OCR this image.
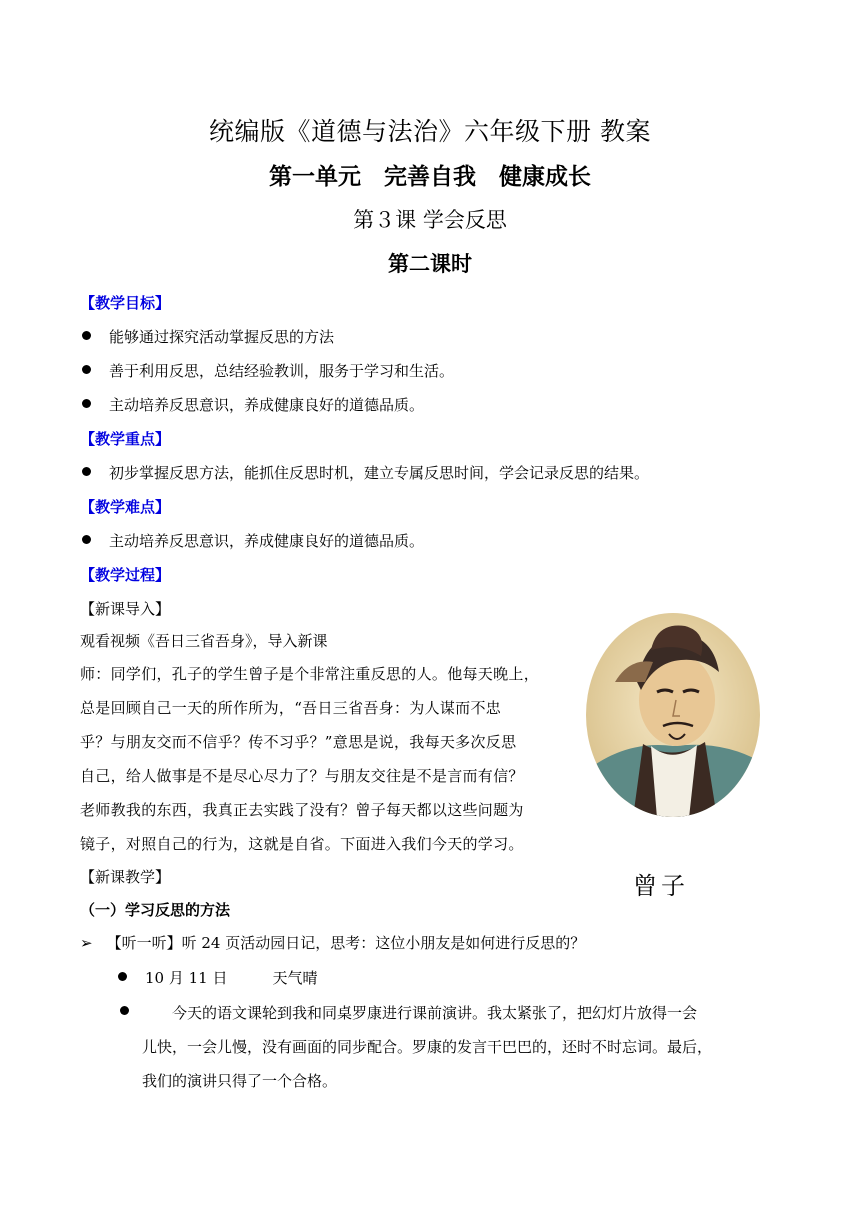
统编版《道德与法治》六年级下册 教案
第一单元　完善自我　健康成长
第３课 学会反思
第二课时
【教学目标】
能够通过探究活动掌握反思的方法
善于利用反思，总结经验教训，服务于学习和生活。
主动培养反思意识，养成健康良好的道德品质。
【教学重点】
初步掌握反思方法，能抓住反思时机，建立专属反思时间，学会记录反思的结果。
【教学难点】
主动培养反思意识，养成健康良好的道德品质。
【教学过程】
【新课导入】
观看视频《吾日三省吾身》，导入新课
师：同学们，孔子的学生曾子是个非常注重反思的人。他每天晚上，
总是回顾自己一天的所作所为，“吾日三省吾身：为人谋而不忠
乎？与朋友交而不信乎？传不习乎？”意思是说，我每天多次反思
自己，给人做事是不是尽心尽力了？与朋友交往是不是言而有信？
老师教我的东西，我真正去实践了没有？曾子每天都以这些问题为
镜子，对照自己的行为，这就是自省。下面进入我们今天的学习。
曾子
【新课教学】
（一）学习反思的方法
➢ 【听一听】听 24 页活动园日记，思考：这位小朋友是如何进行反思的？
10 月 11 日　　　天气晴
今天的语文课轮到我和同桌罗康进行课前演讲。我太紧张了，把幻灯片放得一会
儿快，一会儿慢，没有画面的同步配合。罗康的发言干巴巴的，还时不时忘词。最后，
我们的演讲只得了一个合格。
